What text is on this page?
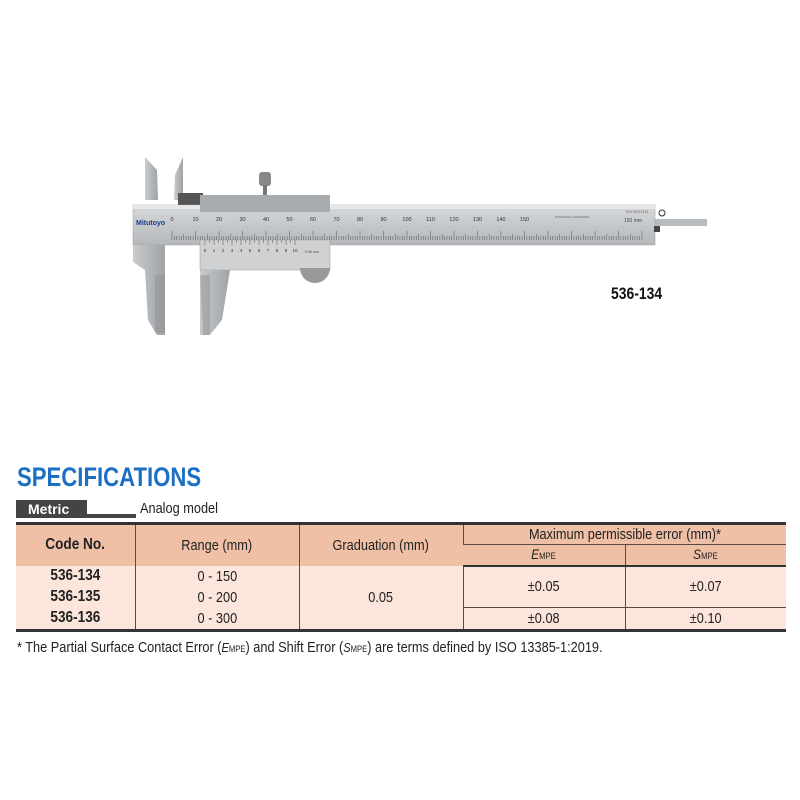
0	10	20	30	40	50	60	70	80	90	100	110	120	130	140	150
0 1 2 3 4 5 6 7 8 9 10
Mitutoyo
0.05 mm
150 mm
S/N 90167413
STAINLESS HARDENED
536-134
SPECIFICATIONS
Metric	Analog model
Code No.	Range (mm)	Graduation (mm)	Maximum permissible error (mm)*	
			EMPE	SMPE
536-134	0 - 150	0.05	±0.05	±0.07
536-135	0 - 200			
536-136	0 - 300		±0.08	±0.10
* The Partial Surface Contact Error (EMPE) and Shift Error (SMPE) are terms defined by ISO 13385-1:2019.
